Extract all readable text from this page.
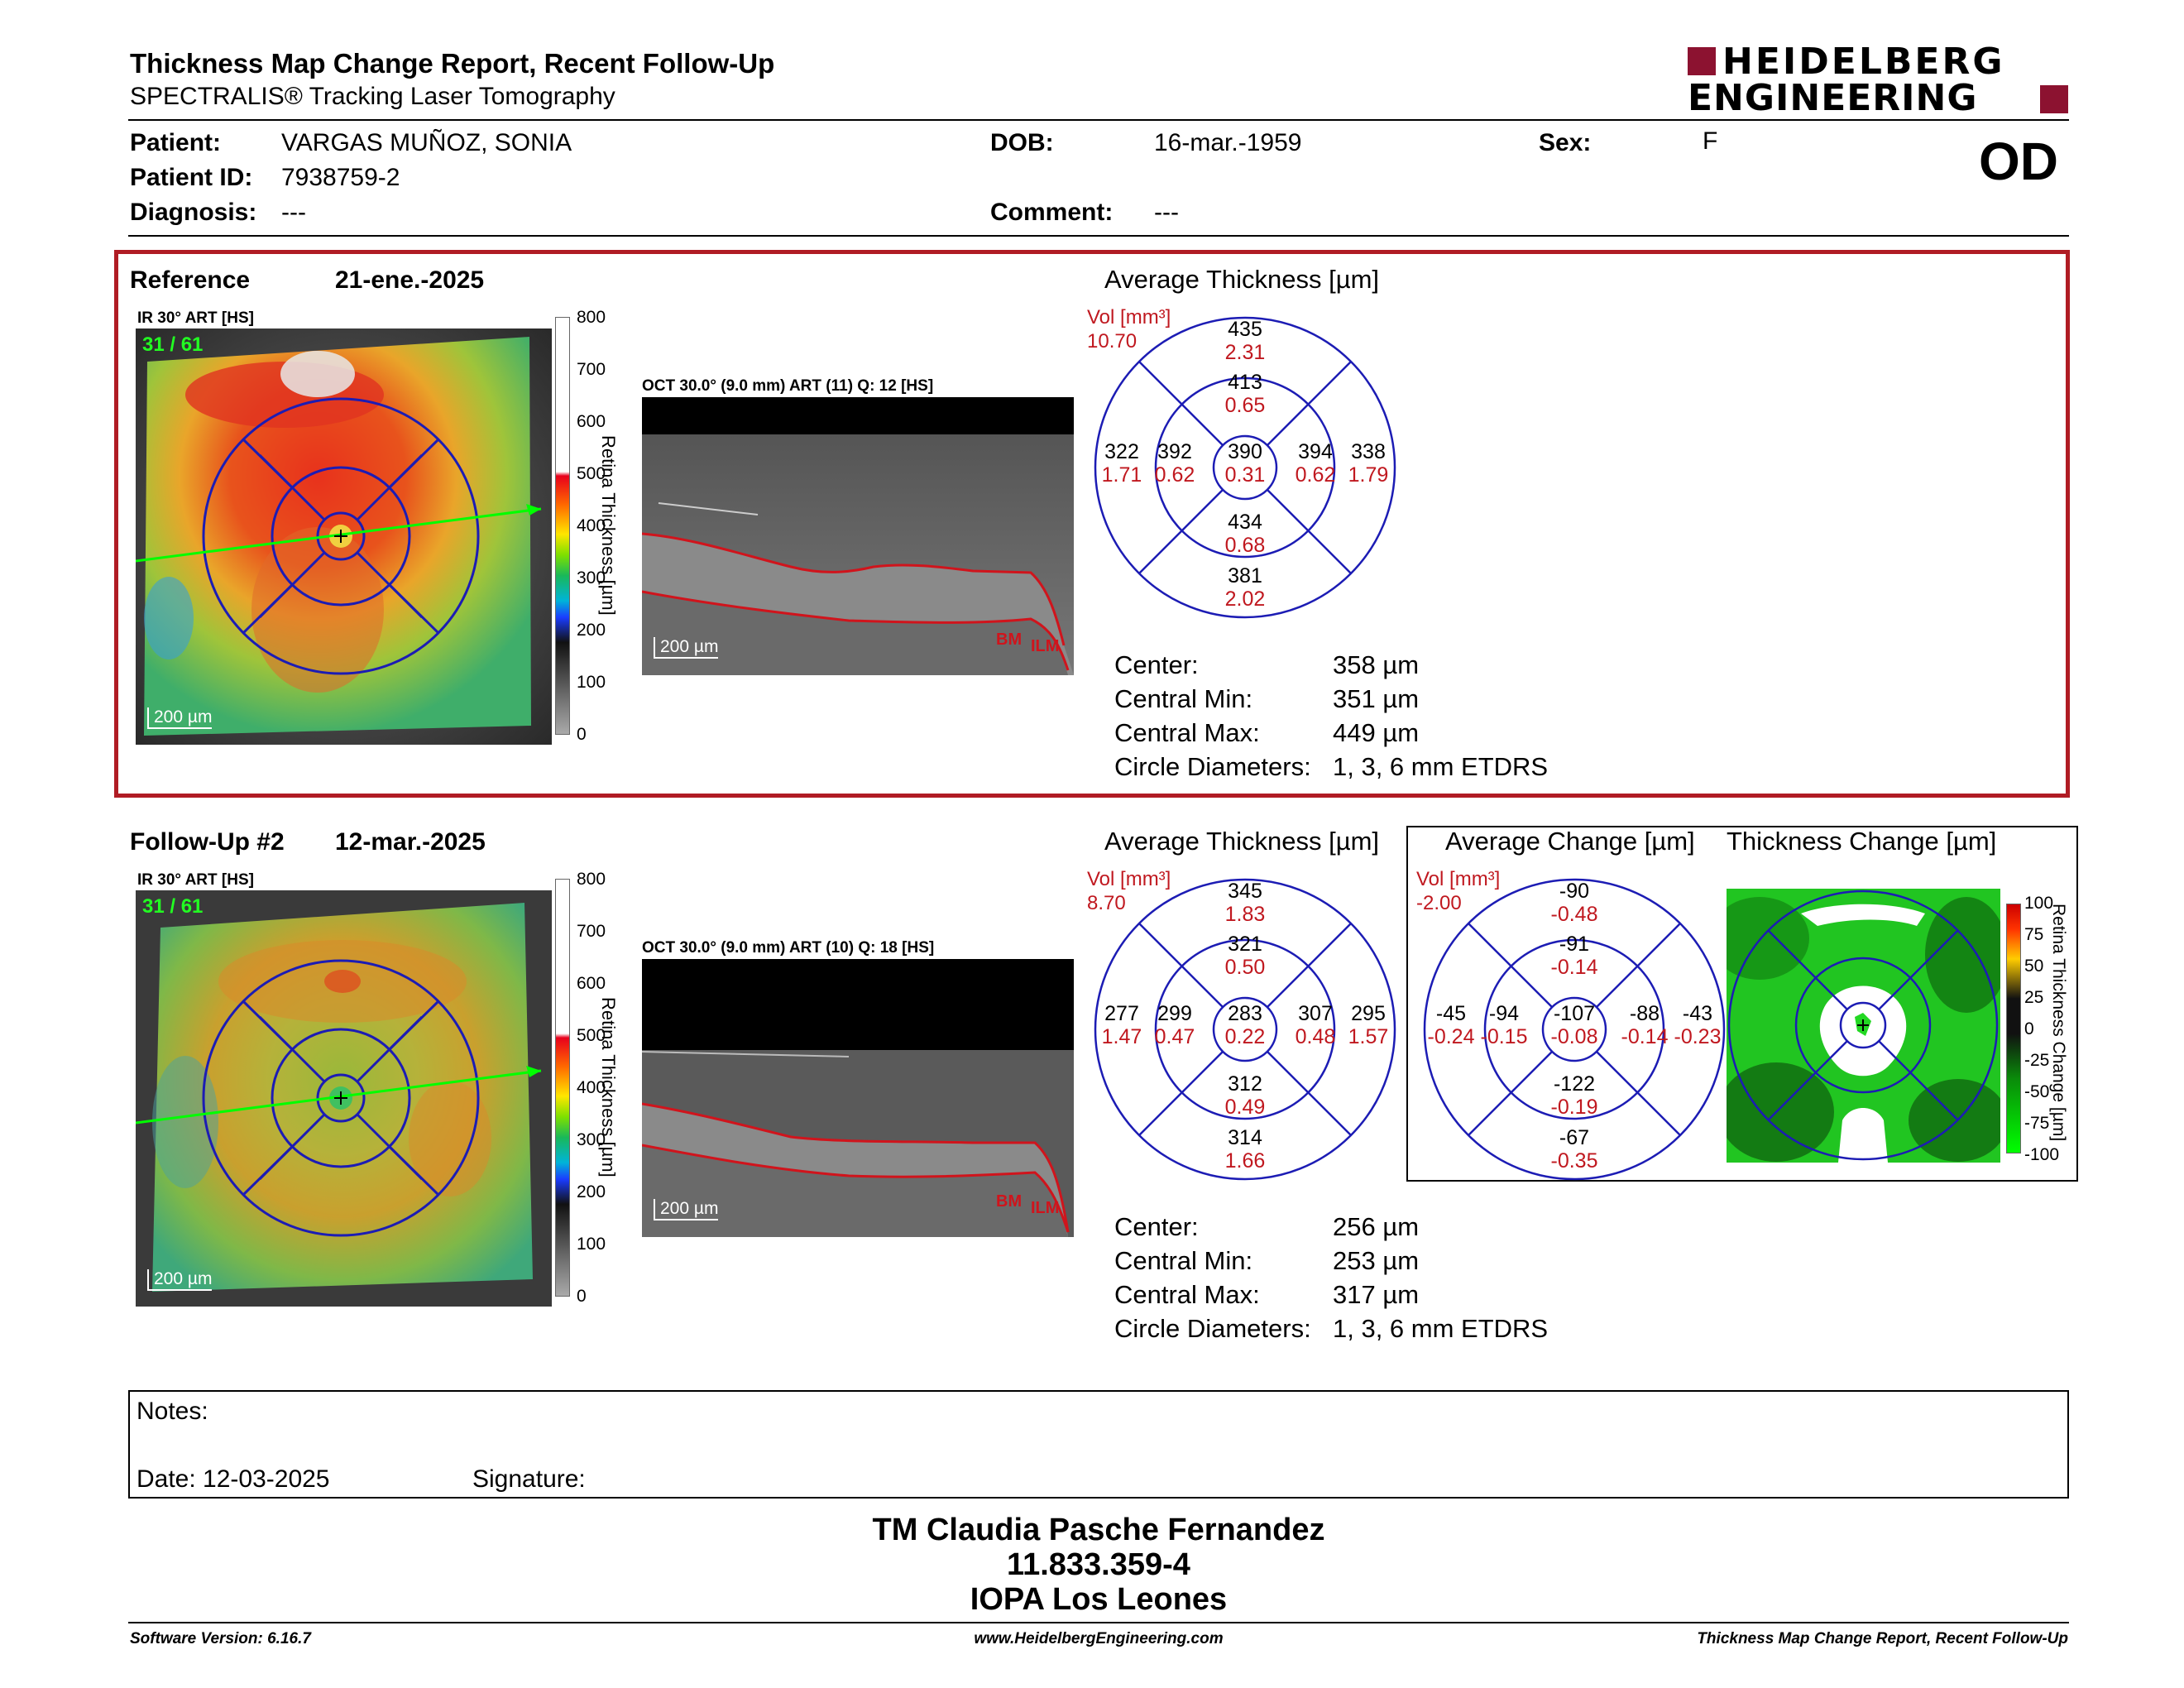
Thickness Map Change Report, Recent Follow-Up
SPECTRALIS® Tracking Laser Tomography
HEIDELBERG
ENGINEERING
Patient: VARGAS MUÑOZ, SONIA
Patient ID: 7938759-2
Diagnosis: ---
DOB:	16-mar.-1959
Comment: ---
Sex:	F	OD
Reference	21-ene.-2025
IR 30° ART [HS]
31 / 61
200 µm
800
700
600
500
400
300
200
100
0
Retina Thickness [µm]
OCT 30.0° (9.0 mm) ART (11) Q: 12 [HS]
200 µm	BM ILM
Average Thickness [µm]
Vol [mm³]
10.70
435
2.31
413
0.65
322
1.71
392
0.62
390
0.31
394
0.62
338
1.79
434
0.68
381
2.02
Center:	358 µm
Central Min:	351 µm
Central Max:	449 µm
Circle Diameters: 1, 3, 6 mm ETDRS
Follow-Up #2 12-mar.-2025
IR 30° ART [HS]
31 / 61
200 µm
800
700
600
500
400
300
200
100
0
Retina Thickness [µm]
OCT 30.0° (9.0 mm) ART (10) Q: 18 [HS]
200 µm	BM ILM
Average Thickness [µm]
Vol [mm³]
8.70
345
1.83
321
0.50
277
1.47
299
0.47
283
0.22
307
0.48
295
1.57
312
0.49
314
1.66
Average Change [µm] Thickness Change [µm]
Vol [mm³]
-2.00
-90
-0.48
-91
-0.14
-45
-0.24
-94
-0.15
-107
-0.08
-88
-0.14
-43
-0.23
-122
-0.19
-67
-0.35
100
75
50
25
0
-25
-50
-75
-100
Retina Thickness Change [µm]
Center:	256 µm
Central Min:	253 µm
Central Max:	317 µm
Circle Diameters: 1, 3, 6 mm ETDRS
Notes:
Date: 12-03-2025	Signature:
TM Claudia Pasche Fernandez
11.833.359-4
IOPA Los Leones
Software Version: 6.16.7	www.HeidelbergEngineering.com	Thickness Map Change Report, Recent Follow-Up
